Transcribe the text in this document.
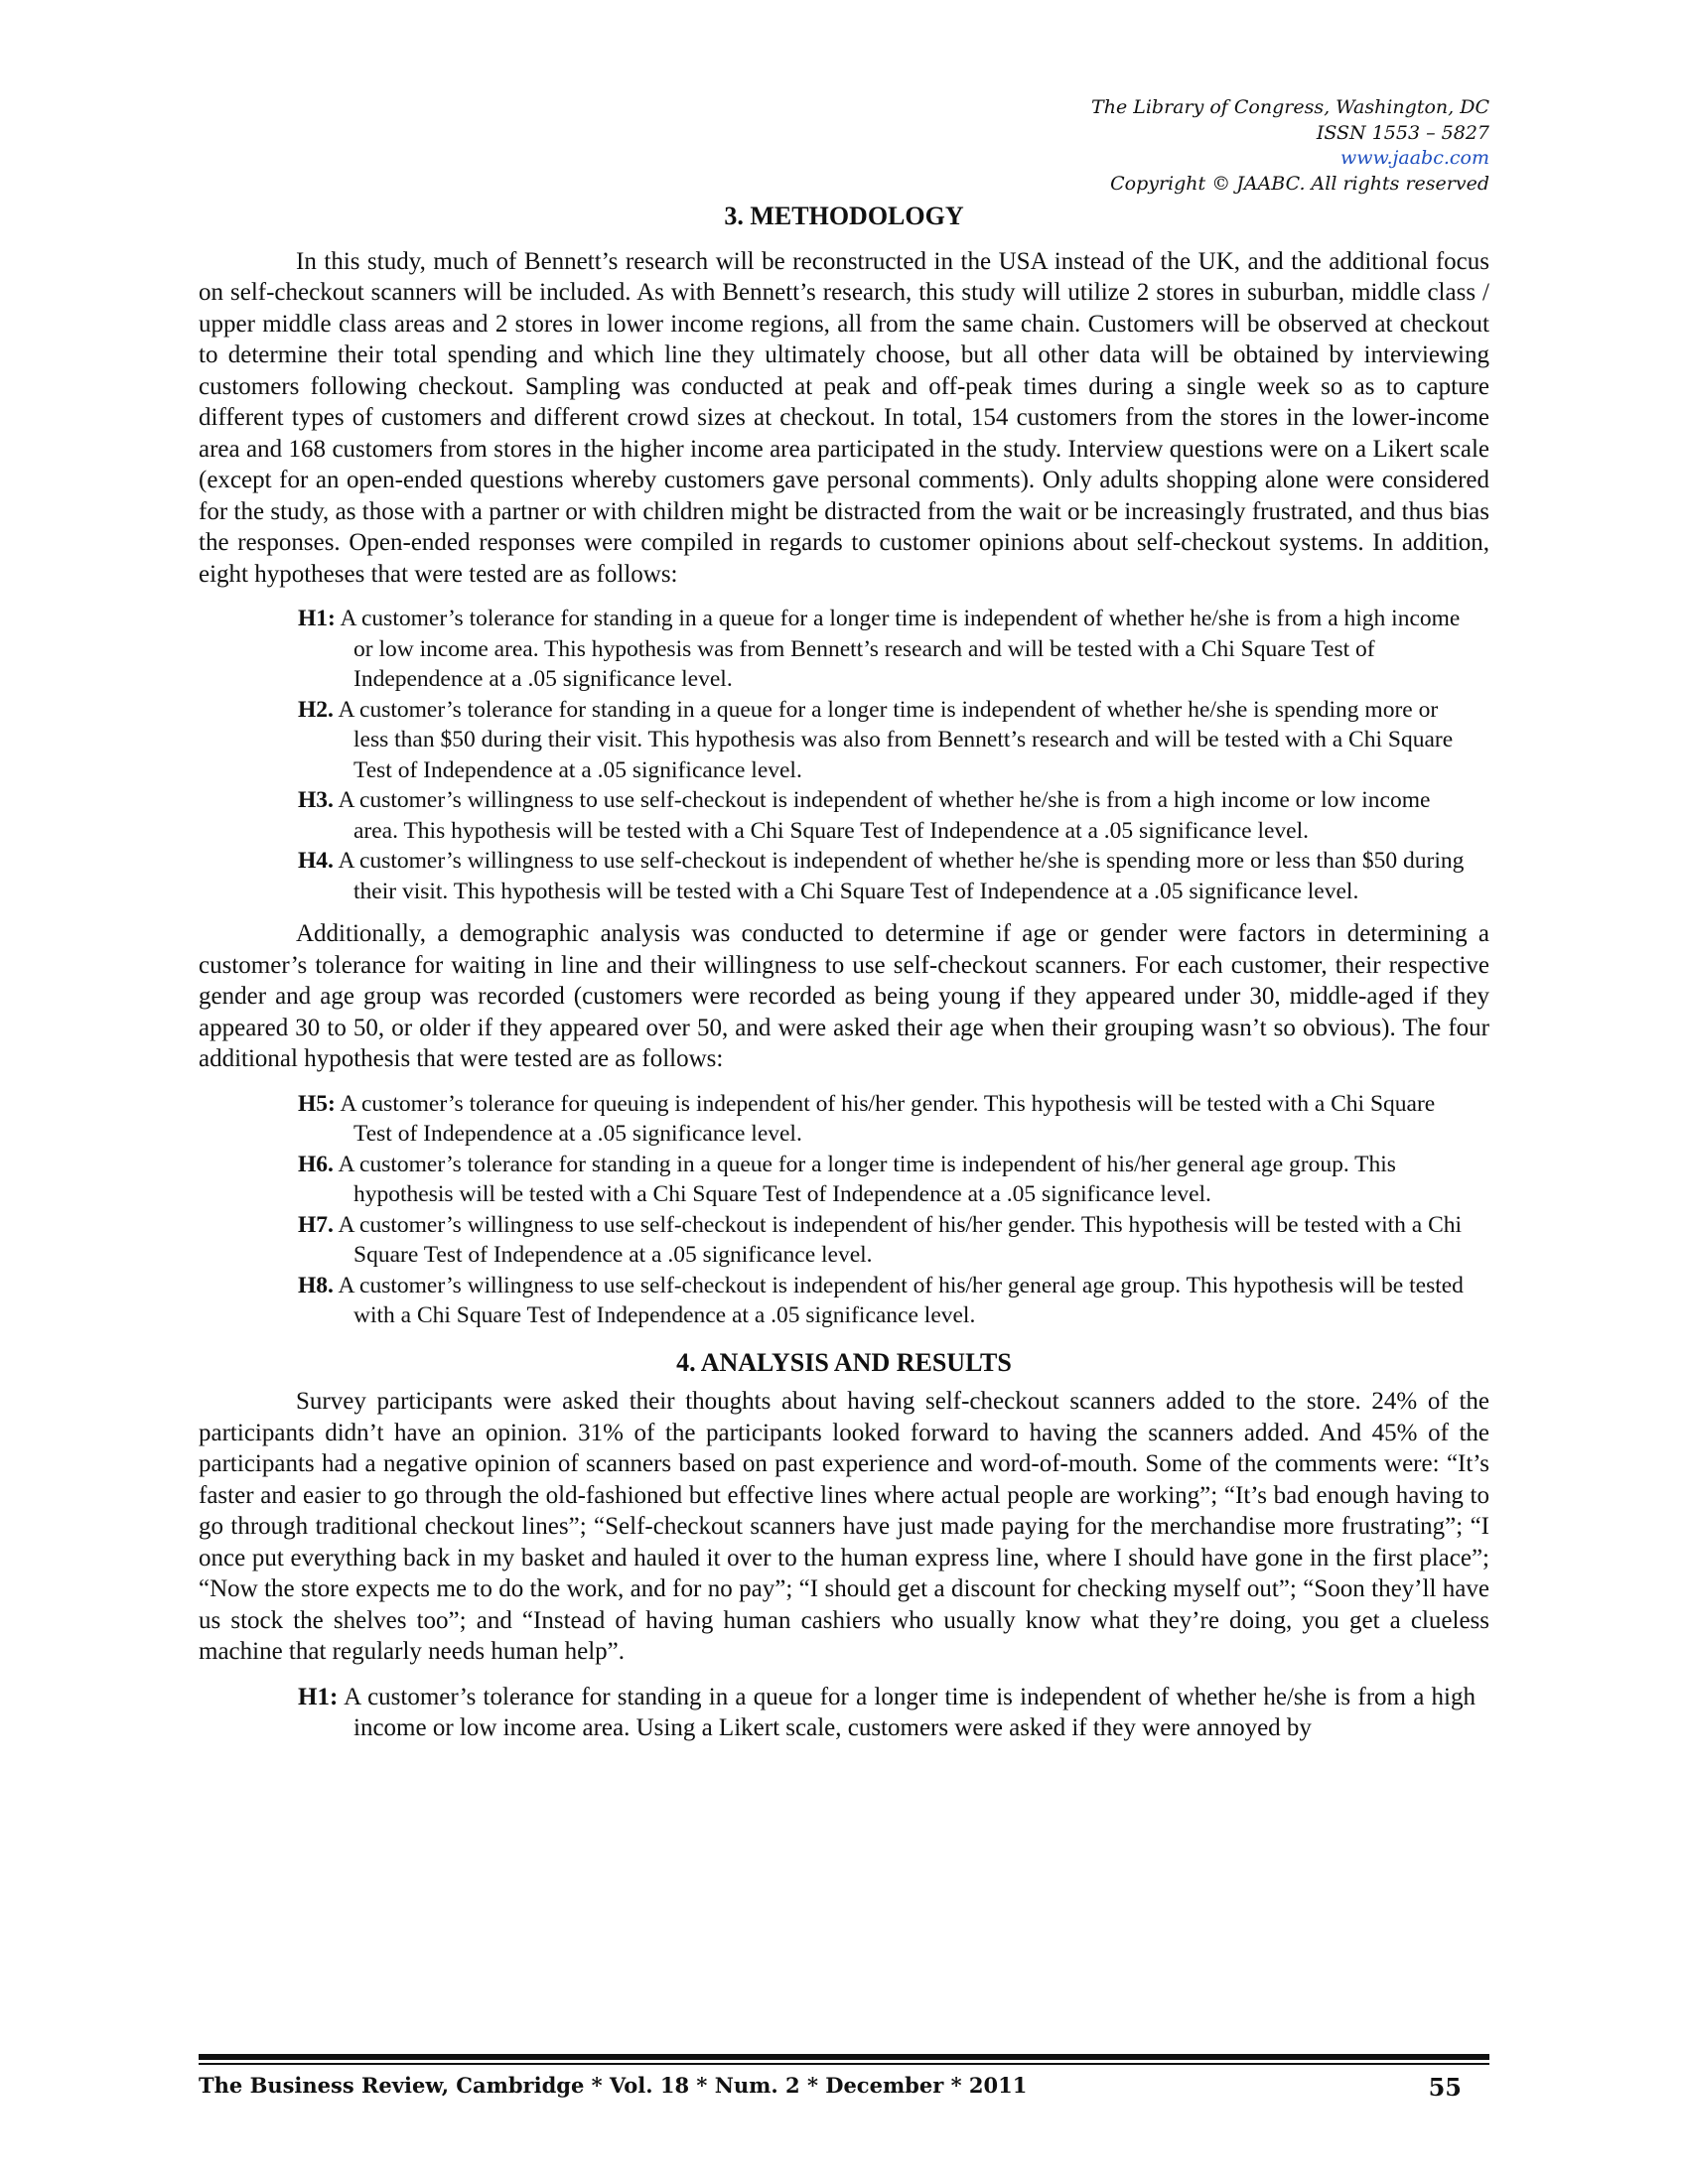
The Library of Congress, Washington, DC
ISSN 1553 – 5827
www.jaabc.com
Copyright © JAABC. All rights reserved
3. METHODOLOGY

In this study, much of Bennett’s research will be reconstructed in the USA instead of the UK, and the additional focus on self-checkout scanners will be included. As with Bennett’s research, this study will utilize 2 stores in suburban, middle class / upper middle class areas and 2 stores in lower income regions, all from the same chain. Customers will be observed at checkout to determine their total spending and which line they ultimately choose, but all other data will be obtained by interviewing customers following checkout. Sampling was conducted at peak and off-peak times during a single week so as to capture different types of customers and different crowd sizes at checkout. In total, 154 customers from the stores in the lower-income area and 168 customers from stores in the higher income area participated in the study. Interview questions were on a Likert scale (except for an open-ended questions whereby customers gave personal comments). Only adults shopping alone were considered for the study, as those with a partner or with children might be distracted from the wait or be increasingly frustrated, and thus bias the responses. Open-ended responses were compiled in regards to customer opinions about self-checkout systems. In addition, eight hypotheses that were tested are as follows:

H1: A customer’s tolerance for standing in a queue for a longer time is independent of whether he/she is from a high income or low income area. This hypothesis was from Bennett’s research and will be tested with a Chi Square Test of Independence at a .05 significance level.
H2. A customer’s tolerance for standing in a queue for a longer time is independent of whether he/she is spending more or less than $50 during their visit. This hypothesis was also from Bennett’s research and will be tested with a Chi Square Test of Independence at a .05 significance level.
H3. A customer’s willingness to use self-checkout is independent of whether he/she is from a high income or low income area. This hypothesis will be tested with a Chi Square Test of Independence at a .05 significance level.
H4. A customer’s willingness to use self-checkout is independent of whether he/she is spending more or less than $50 during their visit. This hypothesis will be tested with a Chi Square Test of Independence at a .05 significance level.

Additionally, a demographic analysis was conducted to determine if age or gender were factors in determining a customer’s tolerance for waiting in line and their willingness to use self-checkout scanners. For each customer, their respective gender and age group was recorded (customers were recorded as being young if they appeared under 30, middle-aged if they appeared 30 to 50, or older if they appeared over 50, and were asked their age when their grouping wasn’t so obvious). The four additional hypothesis that were tested are as follows:

H5: A customer’s tolerance for queuing is independent of his/her gender. This hypothesis will be tested with a Chi Square Test of Independence at a .05 significance level.
H6. A customer’s tolerance for standing in a queue for a longer time is independent of his/her general age group. This hypothesis will be tested with a Chi Square Test of Independence at a .05 significance level.
H7. A customer’s willingness to use self-checkout is independent of his/her gender. This hypothesis will be tested with a Chi Square Test of Independence at a .05 significance level.
H8. A customer’s willingness to use self-checkout is independent of his/her general age group. This hypothesis will be tested with a Chi Square Test of Independence at a .05 significance level.
4. ANALYSIS AND RESULTS

Survey participants were asked their thoughts about having self-checkout scanners added to the store. 24% of the participants didn’t have an opinion. 31% of the participants looked forward to having the scanners added. And 45% of the participants had a negative opinion of scanners based on past experience and word-of-mouth. Some of the comments were: “It’s faster and easier to go through the old-fashioned but effective lines where actual people are working”; “It’s bad enough having to go through traditional checkout lines”; “Self-checkout scanners have just made paying for the merchandise more frustrating”; “I once put everything back in my basket and hauled it over to the human express line, where I should have gone in the first place”; “Now the store expects me to do the work, and for no pay”; “I should get a discount for checking myself out”; “Soon they’ll have us stock the shelves too”; and “Instead of having human cashiers who usually know what they’re doing, you get a clueless machine that regularly needs human help”.

H1: A customer’s tolerance for standing in a queue for a longer time is independent of whether he/she is from a high income or low income area. Using a Likert scale, customers were asked if they were annoyed by
The Business Review, Cambridge * Vol. 18 * Num. 2 * December * 2011	55
